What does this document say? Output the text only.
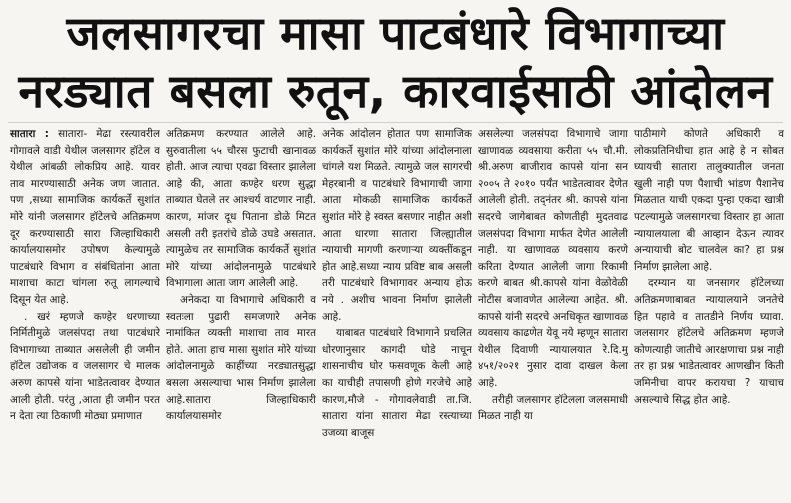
जलसागरचा मासा पाटबंधारे विभागाच्या
नरड्यात बसला रुतून, कारवाईसाठी आंदोलन

सातारा : सातारा- मेढा रस्त्यावरील गोगावले वाडी येथील जलसागर हॉटेल व येथील आंबळी लोकप्रिय आहे. यावर ताव मारण्यासाठी अनेक जण जातात. पण ,सध्या सामाजिक कार्यकर्ते सुशांत मोरे यांनी जलसागर हॉटेलचे अतिक्रमण दूर करण्यासाठी सारा जिल्हाधिकारी कार्यालयासमोर उपोषण केल्यामुळे पाटबंधारे विभाग व संबंधितांना आता माशाचा काटा चांगला रुतू लागल्याचे दिसून येत आहे.

. खरं म्हणजे कण्हेर धरणाच्या निर्मितीमुळे जलसंपदा तथा पाटबंधारे विभागाच्या ताब्यात असलेली ही जमीन हॉटेल उद्योजक व जलसागर चे मालक अरुण कापसे यांना भाडेतत्वावर देण्यात आली होती. परंतु ,आता ही जमीन परत न देता त्या ठिकाणी मोठ्या प्रमाणात

अतिक्रमण करण्यात आलेले आहे. सुरुवातीला ५५ चौरस फुटाची खानावळ होती. आज त्याचा एवढा विस्तार झालेला आहे की, आता कण्हेर धरण सुद्धा ताब्यात घेतले तर आश्चर्य वाटणार नाही. कारण, मांजर दूध पिताना डोळे मिटत असली तरी इतरांचे डोळे उघडे असतात. त्यामुळेच तर सामाजिक कार्यकर्ते सुशांत मोरे यांच्या आंदोलनामुळे पाटबंधारे विभागाला आता जाग आलेली आहे.

अनेकदा या विभागाचे अधिकारी व स्वतःला पुढारी समजणारे अनेक नामांकित व्यक्ती माशाचा ताव मारत होते. आता हाच मासा सुशांत मोरे यांच्या आंदोलनामुळे काहींच्या नरड्यातसुद्धा बसला असल्याचा भास निर्माण झालेला आहे.सातारा जिल्हाधिकारी कार्यालयासमोर

अनेक आंदोलन होतात पण सामाजिक कार्यकर्ते सुशांत मोरे यांच्या आंदोलनाला चांगले यश मिळते. त्यामुळे जल सागरची मेहरबानी व पाटबंधारे विभागाची जागा आता मोकळी सामाजिक कार्यकर्ते सुशांत मोरे हे स्वस्त बसणार नाहीत अशी आता धारणा सातारा जिल्ह्यातील न्यायाची मागणी करणाऱ्या व्यक्तींकडून होत आहे.सध्या न्याय प्रविष्ट बाब असली तरी पाटबंधारे विभागावर अन्याय होऊ नये . अशीच भावना निर्माण झालेली आहे.

याबाबत पाटबंधारे विभागाने प्रचलित धोरणानुसार कागदी घोडे नाचून शासनाचीच घोर फसवणूक केली आहे का याचीही तपासणी होणे गरजेचे आहे कारण,मौजे - गोगावलेवाडी ता.जि. सातारा यांना सातारा मेढा रस्त्याच्या उजव्या बाजूस

असलेल्या जलसंपदा विभागाचे जागा खाणावळ व्यवसाया करीता ५५ चौ.मी. श्री.अरुण बाजीराव कापसे यांना सन २००५ ते २०१० पर्यंत भाडेतत्वावर देणेत आलेली होती. तद्नंतर श्री. कापसे यांना सदरचे जागेबाबत कोणतीही मुदतवाढ जलसंपदा विभागा मार्फत देणेत आलेली नाही. या खाणावळ व्यवसाय करणे करिता देण्यात आलेली जागा रिकामी करणे बाबत श्री.कापसे यांना वेळोवेळी नोटीस बजावणेत आलेल्या आहेत. श्री. कापसे यांनी सदरचे अनधिकृत खाणावळ व्यवसाय काढणेत येवू नये म्हणून सातारा येथील दिवाणी न्यायालयात रे.दि.मु ४५१/२०२१ नुसार दावा दाखल केला आहे.

तरीही जलसागर हॉटेलला जलसमाधी मिळत नाही या

पाठीमागे कोणते अधिकारी व लोकप्रतिनिधीचा हात आहे हे न सोबत घ्यायची सातारा तालुक्यातील जनता खुली नाही पण पैशाची भांडण पैशानेच मिळतात याची एकदा पुन्हा एकदा खात्री पटल्यामुळे जलसागरचा विस्तार हा आता न्यायालयाला बी आव्हान देऊन त्यावर अन्यायाची बोट चालवेल का? हा प्रश्न निर्माण झालेला आहे.

दरम्यान या जनसागर हॉटेलच्या अतिक्रमणाबाबत न्यायालयाने जनतेचे हित पहावे व तातडीने निर्णय घ्यावा. जलसागर हॉटेलचे अतिक्रमण म्हणजे कोणत्याही जातीचे आरक्षणाचा प्रश्न नाही तर हा प्रश्न भाडेतत्वावर आणखीन किती जमिनीचा वापर करायचा ? याचाच असल्याचे सिद्ध होत आहे.
